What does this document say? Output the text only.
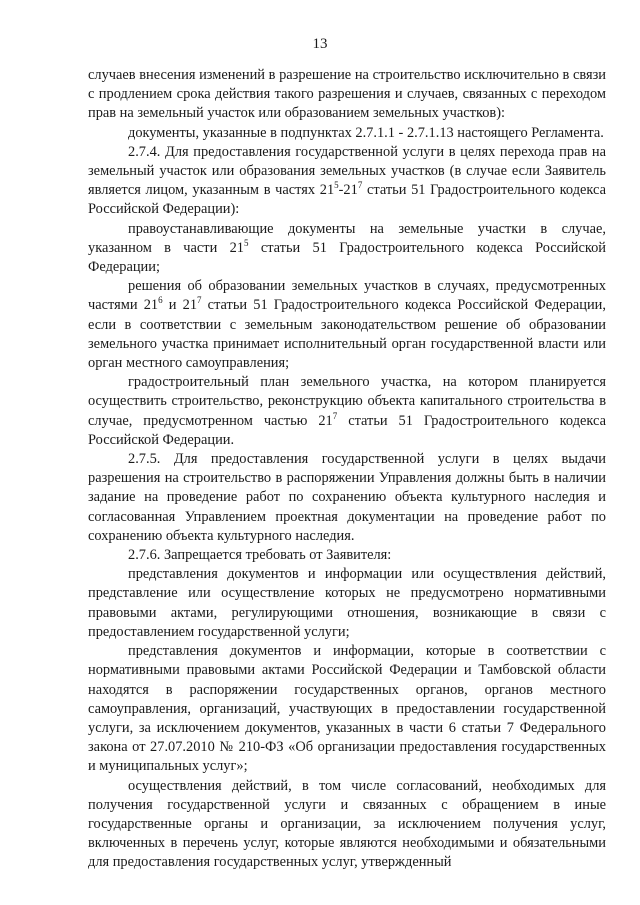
13

случаев внесения изменений в разрешение на строительство исключительно в связи с продлением срока действия такого разрешения и случаев, связанных с переходом прав на земельный участок или образованием земельных участков):

документы, указанные в подпунктах 2.7.1.1 - 2.7.1.13 настоящего Регламента.

2.7.4. Для предоставления государственной услуги в целях перехода прав на земельный участок или образования земельных участков (в случае если Заявитель является лицом, указанным в частях $21^5-21^7$ статьи 51 Градостроительного кодекса Российской Федерации):

правоустанавливающие документы на земельные участки в случае, указанном в части $21^5$ статьи 51 Градостроительного кодекса Российской Федерации;

решения об образовании земельных участков в случаях, предусмотренных частями $21^6$ и $21^7$ статьи 51 Градостроительного кодекса Российской Федерации, если в соответствии с земельным законодательством решение об образовании земельного участка принимает исполнительный орган государственной власти или орган местного самоуправления;

градостроительный план земельного участка, на котором планируется осуществить строительство, реконструкцию объекта капитального строительства в случае, предусмотренном частью $21^7$ статьи 51 Градостроительного кодекса Российской Федерации.

2.7.5. Для предоставления государственной услуги в целях выдачи разрешения на строительство в распоряжении Управления должны быть в наличии задание на проведение работ по сохранению объекта культурного наследия и согласованная Управлением проектная документации на проведение работ по сохранению объекта культурного наследия.

2.7.6. Запрещается требовать от Заявителя:

представления документов и информации или осуществления действий, представление или осуществление которых не предусмотрено нормативными правовыми актами, регулирующими отношения, возникающие в связи с предоставлением государственной услуги;

представления документов и информации, которые в соответствии с нормативными правовыми актами Российской Федерации и Тамбовской области находятся в распоряжении государственных органов, органов местного самоуправления, организаций, участвующих в предоставлении государственной услуги, за исключением документов, указанных в части 6 статьи 7 Федерального закона от 27.07.2010 № 210-ФЗ «Об организации предоставления государственных и муниципальных услуг»;

осуществления действий, в том числе согласований, необходимых для получения государственной услуги и связанных с обращением в иные государственные органы и организации, за исключением получения услуг, включенных в перечень услуг, которые являются необходимыми и обязательными для предоставления государственных услуг, утвержденный
